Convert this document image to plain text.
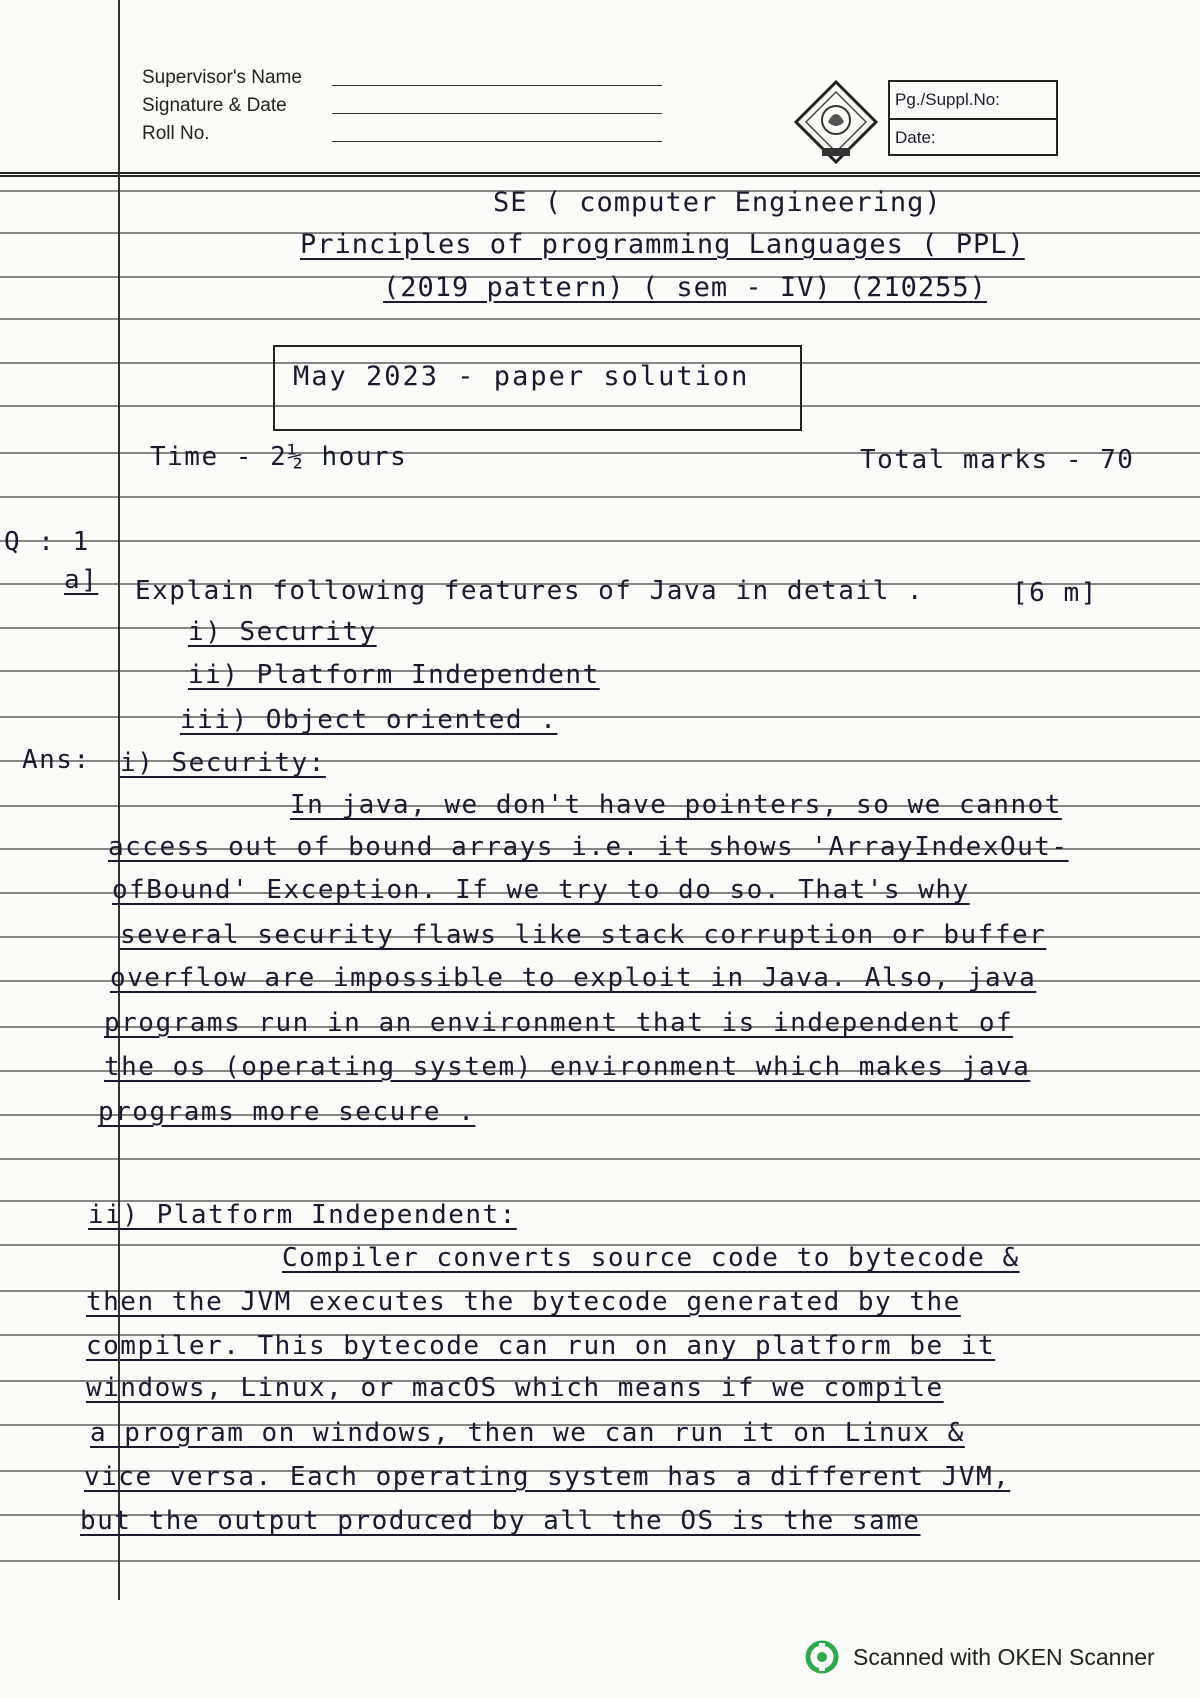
Supervisor's Name
Signature & Date
Roll No.
Pg./Suppl.No:
Date:
SE ( computer Engineering)
Principles of programming Languages ( PPL)
(2019 pattern) ( sem - IV) (210255)
May 2023 - paper solution
Time - 2½ hours	Total marks - 70
Q : 1
a] Explain following features of Java in detail .	[6 m]
i) Security
ii) Platform Independent
iii) Object oriented .
Ans: i) Security:
In java, we don't have pointers, so we cannot
access out of bound arrays i.e. it shows 'ArrayIndexOut-
ofBound' Exception. If we try to do so. That's why
several security flaws like stack corruption or buffer
overflow are impossible to exploit in Java. Also, java
programs run in an environment that is independent of
the os (operating system) environment which makes java
programs more secure .
ii) Platform Independent:
Compiler converts source code to bytecode &
then the JVM executes the bytecode generated by the
compiler. This bytecode can run on any platform be it
windows, Linux, or macOS which means if we compile
a program on windows, then we can run it on Linux &
vice versa. Each operating system has a different JVM,
but the output produced by all the OS is the same
Scanned with OKEN Scanner
